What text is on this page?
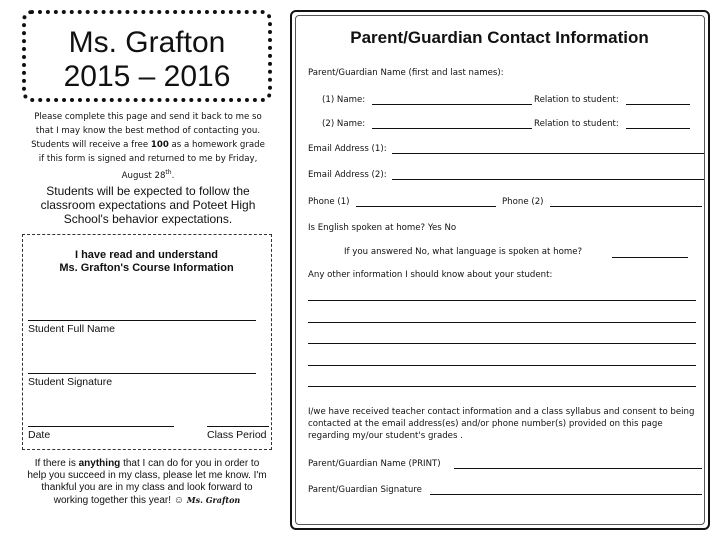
Ms. Grafton
2015 – 2016
Please complete this page and send it back to me so that I may know the best method of contacting you. Students will receive a free 100 as a homework grade if this form is signed and returned to me by Friday, August 28th.
Students will be expected to follow the classroom expectations and Poteet High School's behavior expectations.
I have read and understand
Ms. Grafton's Course Information
Student Full Name
Student Signature
Date	Class Period
If there is anything that I can do for you in order to help you succeed in my class, please let me know. I'm thankful you are in my class and look forward to working together this year! ☺ Ms. Grafton
Parent/Guardian Contact Information
Parent/Guardian Name (first and last names):
(1) Name:	Relation to student:
(2) Name:	Relation to student:
Email Address (1):
Email Address (2):
Phone (1)	Phone (2)
Is English spoken at home? Yes No
If you answered No, what language is spoken at home?
Any other information I should know about your student:
I/we have received teacher contact information and a class syllabus and consent to being contacted at the email address(es) and/or phone number(s) provided on this page regarding my/our student's grades .
Parent/Guardian Name (PRINT)
Parent/Guardian Signature
